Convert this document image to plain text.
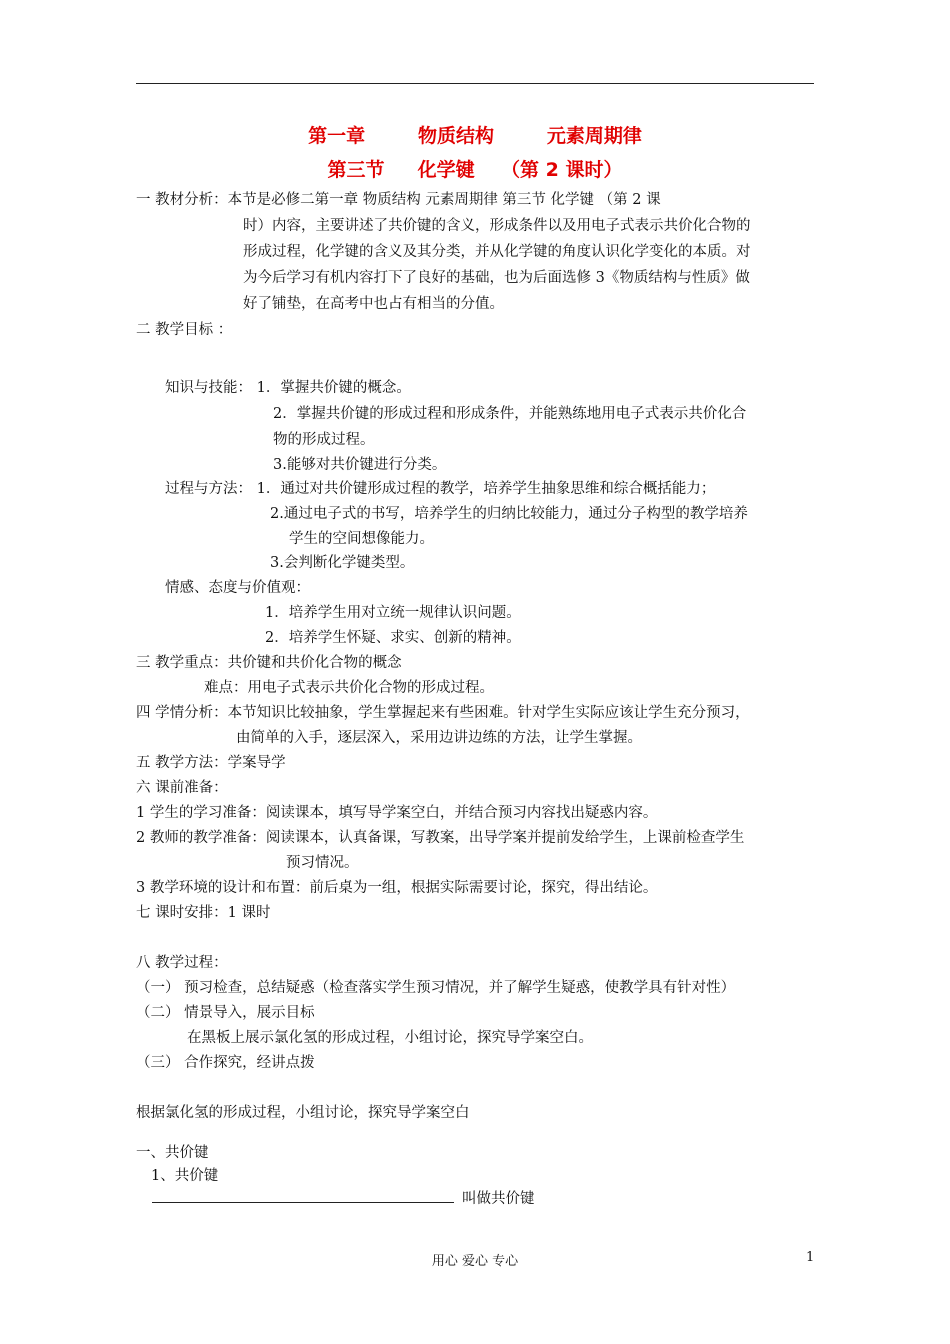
第一章        物质结构        元素周期律
第三节     化学键    （第 2 课时）
一 教材分析：本节是必修二第一章 物质结构 元素周期律 第三节 化学键 （第 2 课
时）内容，主要讲述了共价键的含义，形成条件以及用电子式表示共价化合物的
形成过程，化学键的含义及其分类，并从化学键的角度认识化学变化的本质。对
为今后学习有机内容打下了良好的基础，也为后面选修 3《物质结构与性质》做
好了铺垫，在高考中也占有相当的分值。
二 教学目标 ：
知识与技能： 1．掌握共价键的概念。
2．掌握共价键的形成过程和形成条件，并能熟练地用电子式表示共价化合
物的形成过程。
3.能够对共价键进行分类。
过程与方法： 1．通过对共价键形成过程的教学，培养学生抽象思维和综合概括能力；
2.通过电子式的书写，培养学生的归纳比较能力，通过分子构型的教学培养
学生的空间想像能力。
3.会判断化学键类型。
情感、态度与价值观：
1．培养学生用对立统一规律认识问题。
2．培养学生怀疑、求实、创新的精神。
三 教学重点：共价键和共价化合物的概念
难点：用电子式表示共价化合物的形成过程。
四 学情分析：本节知识比较抽象，学生掌握起来有些困难。针对学生实际应该让学生充分预习，
由简单的入手，逐层深入，采用边讲边练的方法，让学生掌握。
五 教学方法：学案导学
六 课前准备：
1 学生的学习准备：阅读课本，填写导学案空白，并结合预习内容找出疑惑内容。
2 教师的教学准备：阅读课本，认真备课，写教案，出导学案并提前发给学生，上课前检查学生
预习情况。
3 教学环境的设计和布置：前后桌为一组，根据实际需要讨论，探究，得出结论。
七 课时安排：1 课时
八 教学过程：
（一） 预习检查，总结疑惑（检查落实学生预习情况，并了解学生疑惑，使教学具有针对性）
（二） 情景导入，展示目标
在黑板上展示氯化氢的形成过程，小组讨论，探究导学案空白。
（三） 合作探究，经讲点拨
根据氯化氢的形成过程，小组讨论，探究导学案空白
一、共价键
1、共价键
叫做共价键
用心 爱心 专心	1
